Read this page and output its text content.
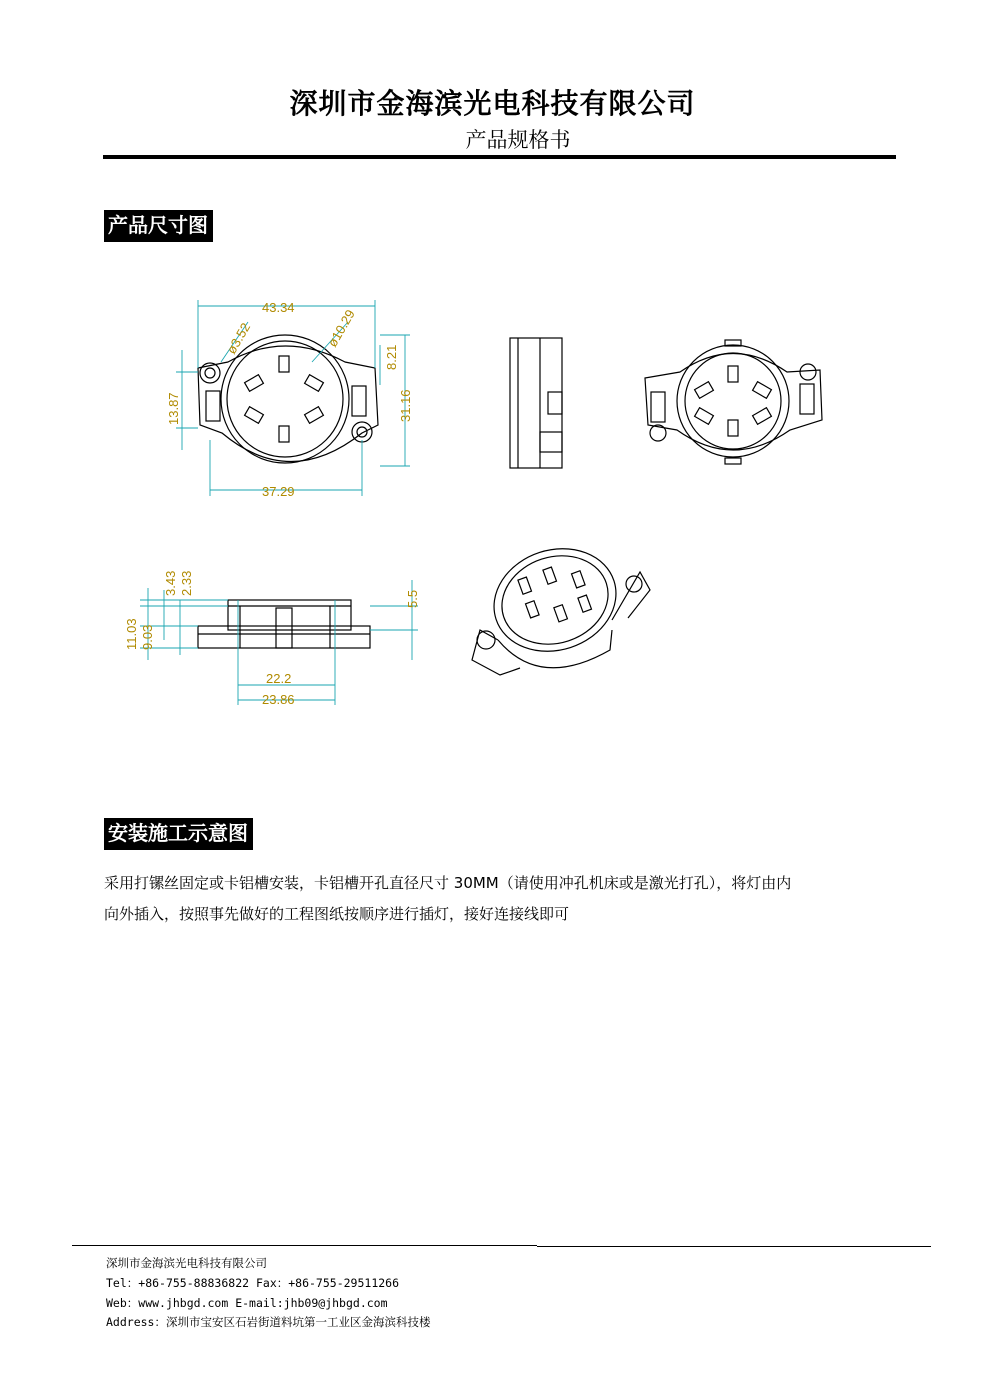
深圳市金海滨光电科技有限公司
产品规格书
产品尺寸图
43.34
37.29
ø3.52	ø10.29
8.21
31.16
13.87
22.2
23.86
3.43 2.33
11.03 9.03
5.5
安装施工示意图
采用打镙丝固定或卡铝槽安装，卡铝槽开孔直径尺寸 30MM（请使用冲孔机床或是激光打孔），将灯由内
向外插入，按照事先做好的工程图纸按顺序进行插灯，接好连接线即可
深圳市金海滨光电科技有限公司
Tel：+86-755-88836822 Fax：+86-755-29511266
Web：www.jhbgd.com E-mail:jhb09@jhbgd.com
Address：深圳市宝安区石岩街道料坑第一工业区金海滨科技楼
